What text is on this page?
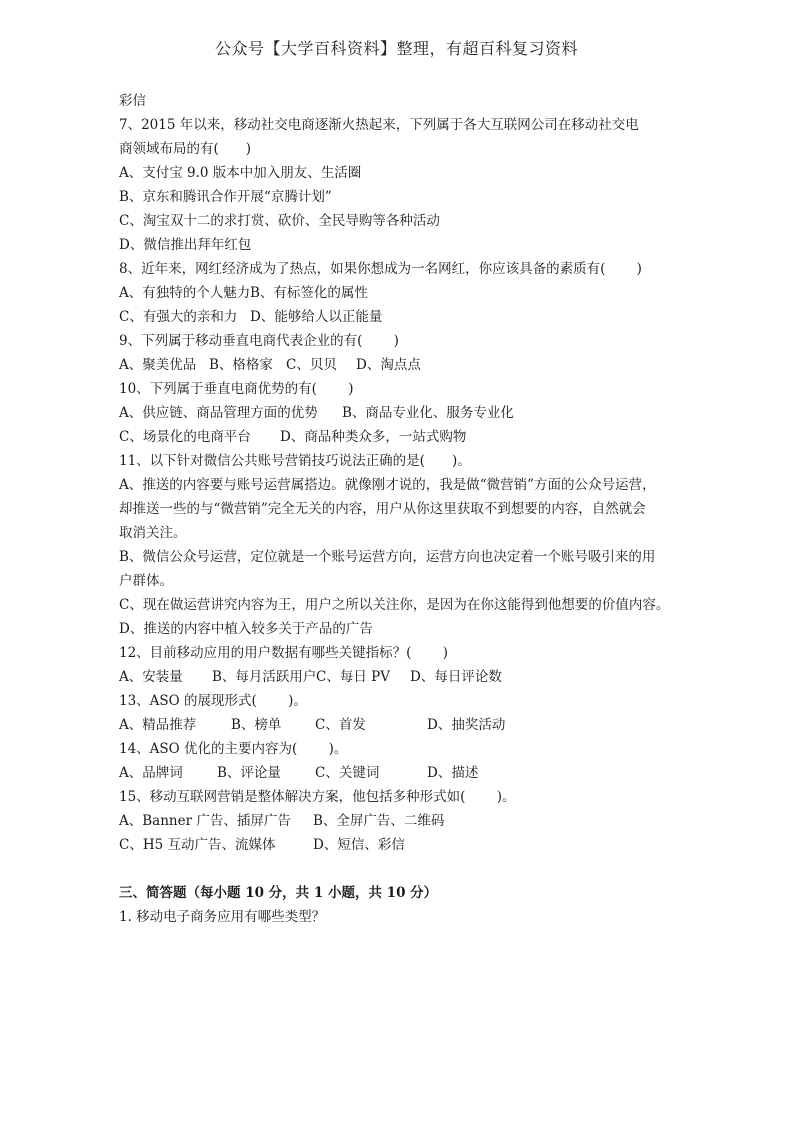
公众号【大学百科资料】整理，有超百科复习资料
彩信
7、2015 年以来，移动社交电商逐渐火热起来，下列属于各大互联网公司在移动社交电
商领域布局的有(　　)
A、支付宝 9.0 版本中加入朋友、生活圈
B、京东和腾讯合作开展“京腾计划”
C、淘宝双十二的求打赏、砍价、全民导购等各种活动
D、微信推出拜年红包
8、近年来，网红经济成为了热点，如果你想成为一名网红，你应该具备的素质有(　　 )
A、有独特的个人魅力B、有标签化的属性
C、有强大的亲和力 D、能够给人以正能量
9、下列属于移动垂直电商代表企业的有(　　 )
A、聚美优品 B、格格家 C、贝贝 D、淘点点
10、下列属于垂直电商优势的有(　　 )
A、供应链、商品管理方面的优势 B、商品专业化、服务专业化
C、场景化的电商平台 D、商品种类众多，一站式购物
11、以下针对微信公共账号营销技巧说法正确的是(　　)。
A、推送的内容要与账号运营属搭边。就像刚才说的，我是做“微营销”方面的公众号运营，
却推送一些的与“微营销”完全无关的内容，用户从你这里获取不到想要的内容，自然就会
取消关注。
B、微信公众号运营，定位就是一个账号运营方向，运营方向也决定着一个账号吸引来的用
户群体。
C、现在做运营讲究内容为王，用户之所以关注你，是因为在你这能得到他想要的价值内容。
D、推送的内容中植入较多关于产品的广告
12、目前移动应用的用户数据有哪些关键指标？(　　 )
A、安装量 B、每月活跃用户C、每日 PV D、每日评论数
13、ASO 的展现形式(　　 )。
A、精品推荐	B、榜单 C、首发	D、抽奖活动
14、ASO 优化的主要内容为(　　 )。
A、品牌词	B、评论量	C、关键词	D、描述
15、移动互联网营销是整体解决方案，他包括多种形式如(　　 )。
A、Banner 广告、插屏广告 B、全屏广告、二维码
C、H5 互动广告、流媒体	D、短信、彩信
三、简答题（每小题 10 分，共 1 小题，共 10 分）
1. 移动电子商务应用有哪些类型？
